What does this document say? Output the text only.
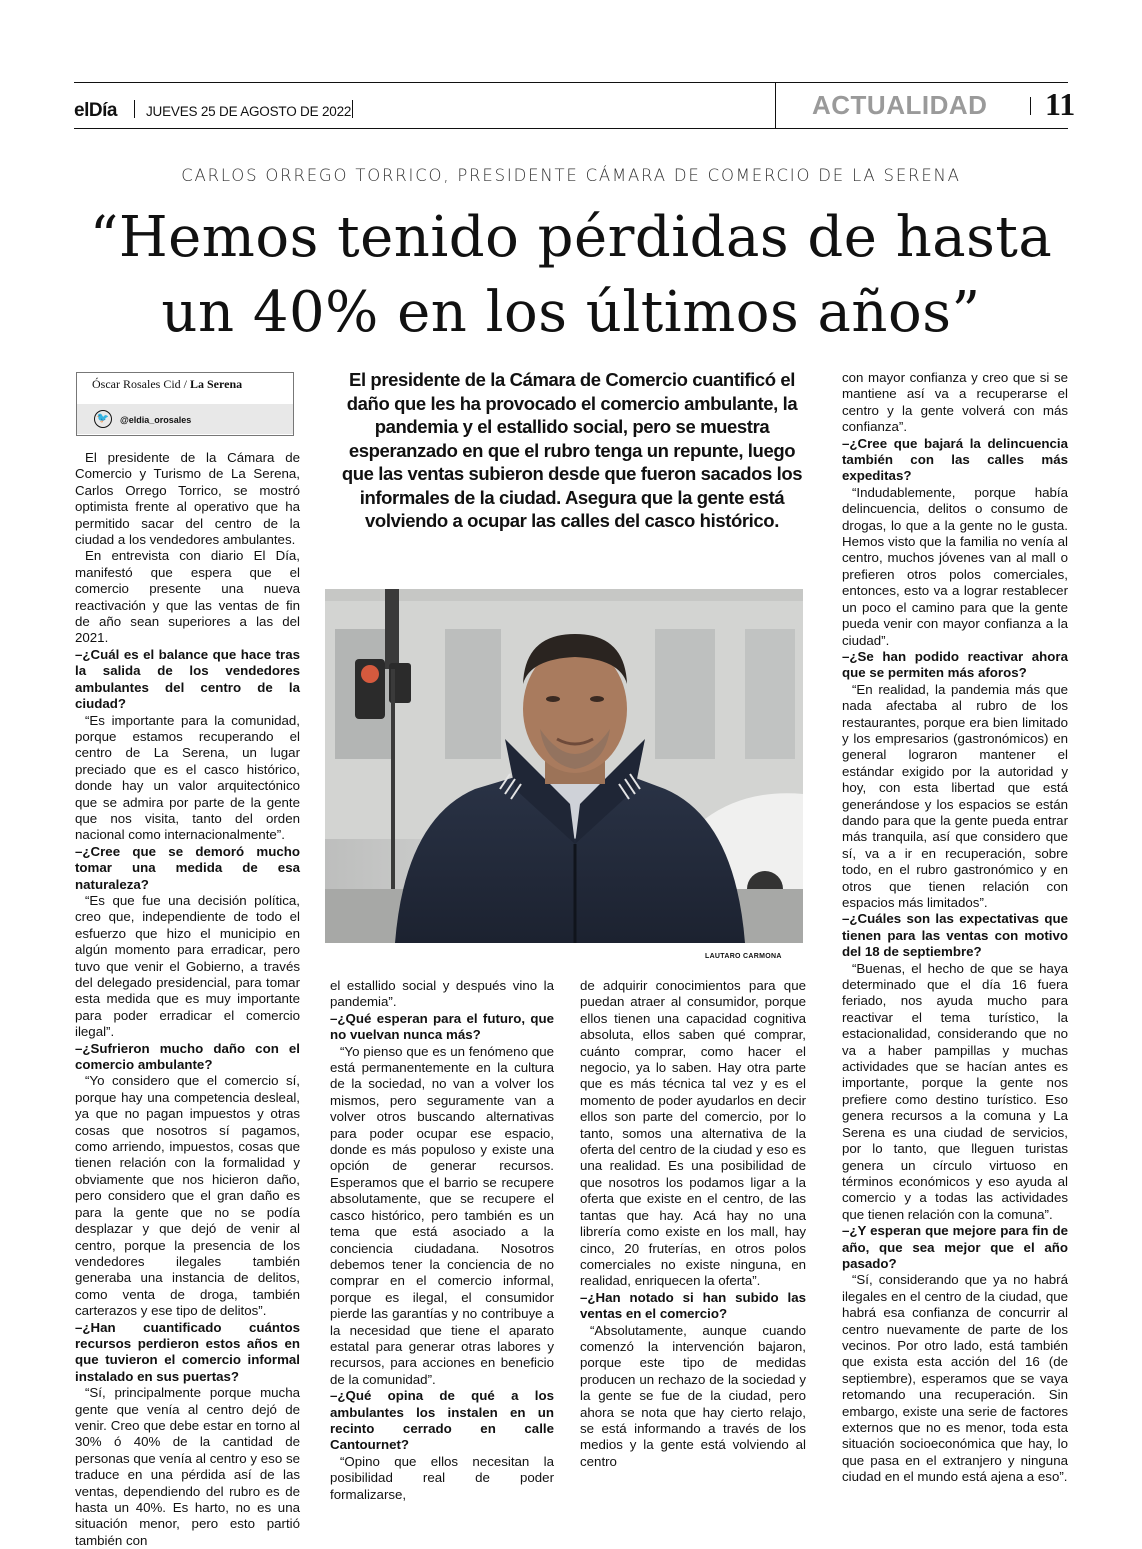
elDía JUEVES 25 DE AGOSTO DE 2022	ACTUALIDAD 11
CARLOS ORREGO TORRICO, PRESIDENTE CÁMARA DE COMERCIO DE LA SERENA
“Hemos tenido pérdidas de hasta
un 40% en los últimos años”
Óscar Rosales Cid / La Serena
🐦	@eldia_orosales
El presidente de la Cámara de Comercio cuantificó el daño que les ha provocado el comercio ambulante, la pandemia y el estallido social, pero se muestra esperanzado en que el rubro tenga un repunte, luego que las ventas subieron desde que fueron sacados los informales de la ciudad. Asegura que la gente está volviendo a ocupar las calles del casco histórico.
LAUTARO CARMONA

El presidente de la Cámara de Comercio y Turismo de La Serena, Carlos Orrego Torrico, se mostró optimista frente al operativo que ha permitido sacar del centro de la ciudad a los vendedores ambulantes.

En entrevista con diario El Día, manifestó que espera que el comercio presente una nueva reactivación y que las ventas de fin de año sean superiores a las del 2021.

–¿Cuál es el balance que hace tras la salida de los vendedores ambulantes del centro de la ciudad?

“Es importante para la comunidad, porque estamos recuperando el centro de La Serena, un lugar preciado que es el casco histórico, donde hay un valor arquitectónico que se admira por parte de la gente que nos visita, tanto del orden nacional como internacionalmente”.

–¿Cree que se demoró mucho tomar una medida de esa naturaleza?

“Es que fue una decisión política, creo que, independiente de todo el esfuerzo que hizo el municipio en algún momento para erradicar, pero tuvo que venir el Gobierno, a través del delegado presidencial, para tomar esta medida que es muy importante para poder erradicar el comercio ilegal”.

–¿Sufrieron mucho daño con el comercio ambulante?

“Yo considero que el comercio sí, porque hay una competencia desleal, ya que no pagan impuestos y otras cosas que nosotros sí pagamos, como arriendo, impuestos, cosas que tienen relación con la formalidad y obviamente que nos hicieron daño, pero considero que el gran daño es para la gente que no se podía desplazar y que dejó de venir al centro, porque la presencia de los vendedores ilegales también generaba una instancia de delitos, como venta de droga, también carterazos y ese tipo de delitos”.

–¿Han cuantificado cuántos recursos perdieron estos años en que tuvieron el comercio informal instalado en sus puertas?

“Sí, principalmente porque mucha gente que venía al centro dejó de venir. Creo que debe estar en torno al 30% ó 40% de la cantidad de personas que venía al centro y eso se traduce en una pérdida así de las ventas, dependiendo del rubro es de hasta un 40%. Es harto, no es una situación menor, pero esto partió también con

el estallido social y después vino la pandemia”.

–¿Qué esperan para el futuro, que no vuelvan nunca más?

“Yo pienso que es un fenómeno que está permanentemente en la cultura de la sociedad, no van a volver los mismos, pero seguramente van a volver otros buscando alternativas para poder ocupar ese espacio, donde es más populoso y existe una opción de generar recursos. Esperamos que el barrio se recupere absolutamente, que se recupere el casco histórico, pero también es un tema que está asociado a la conciencia ciudadana. Nosotros debemos tener la conciencia de no comprar en el comercio informal, porque es ilegal, el consumidor pierde las garantías y no contribuye a la necesidad que tiene el aparato estatal para generar otras labores y recursos, para acciones en beneficio de la comunidad”.

–¿Qué opina de qué a los ambulantes los instalen en un recinto cerrado en calle Cantournet?

“Opino que ellos necesitan la posibilidad real de poder formalizarse,

de adquirir conocimientos para que puedan atraer al consumidor, porque ellos tienen una capacidad cognitiva absoluta, ellos saben qué comprar, cuánto comprar, como hacer el negocio, ya lo saben. Hay otra parte que es más técnica tal vez y es el momento de poder ayudarlos en decir ellos son parte del comercio, por lo tanto, somos una alternativa de la oferta del centro de la ciudad y eso es una realidad. Es una posibilidad de que nosotros los podamos ligar a la oferta que existe en el centro, de las tantas que hay. Acá hay no una librería como existe en los mall, hay cinco, 20 fruterías, en otros polos comerciales no existe ninguna, en realidad, enriquecen la oferta”.

–¿Han notado si han subido las ventas en el comercio?

“Absolutamente, aunque cuando comenzó la intervención bajaron, porque este tipo de medidas producen un rechazo de la sociedad y la gente se fue de la ciudad, pero ahora se nota que hay cierto relajo, se está informando a través de los medios y la gente está volviendo al centro

con mayor confianza y creo que si se mantiene así va a recuperarse el centro y la gente volverá con más confianza”.

–¿Cree que bajará la delincuencia también con las calles más expeditas?

“Indudablemente, porque había delincuencia, delitos o consumo de drogas, lo que a la gente no le gusta. Hemos visto que la familia no venía al centro, muchos jóvenes van al mall o prefieren otros polos comerciales, entonces, esto va a lograr restablecer un poco el camino para que la gente pueda venir con mayor confianza a la ciudad”.

–¿Se han podido reactivar ahora que se permiten más aforos?

“En realidad, la pandemia más que nada afectaba al rubro de los restaurantes, porque era bien limitado y los empresarios (gastronómicos) en general lograron mantener el estándar exigido por la autoridad y hoy, con esta libertad que está generándose y los espacios se están dando para que la gente pueda entrar más tranquila, así que considero que sí, va a ir en recuperación, sobre todo, en el rubro gastronómico y en otros que tienen relación con espacios más limitados”.

–¿Cuáles son las expectativas que tienen para las ventas con motivo del 18 de septiembre?

“Buenas, el hecho de que se haya determinado que el día 16 fuera feriado, nos ayuda mucho para reactivar el tema turístico, la estacionalidad, considerando que no va a haber pampillas y muchas actividades que se hacían antes es importante, porque la gente nos prefiere como destino turístico. Eso genera recursos a la comuna y La Serena es una ciudad de servicios, por lo tanto, que lleguen turistas genera un círculo virtuoso en términos económicos y eso ayuda al comercio y a todas las actividades que tienen relación con la comuna”.

–¿Y esperan que mejore para fin de año, que sea mejor que el año pasado?

“Sí, considerando que ya no habrá ilegales en el centro de la ciudad, que habrá esa confianza de concurrir al centro nuevamente de parte de los vecinos. Por otro lado, está también que exista esta acción del 16 (de septiembre), esperamos que se vaya retomando una recuperación. Sin embargo, existe una serie de factores externos que no es menor, toda esta situación socioeconómica que hay, lo que pasa en el extranjero y ninguna ciudad en el mundo está ajena a eso”.
